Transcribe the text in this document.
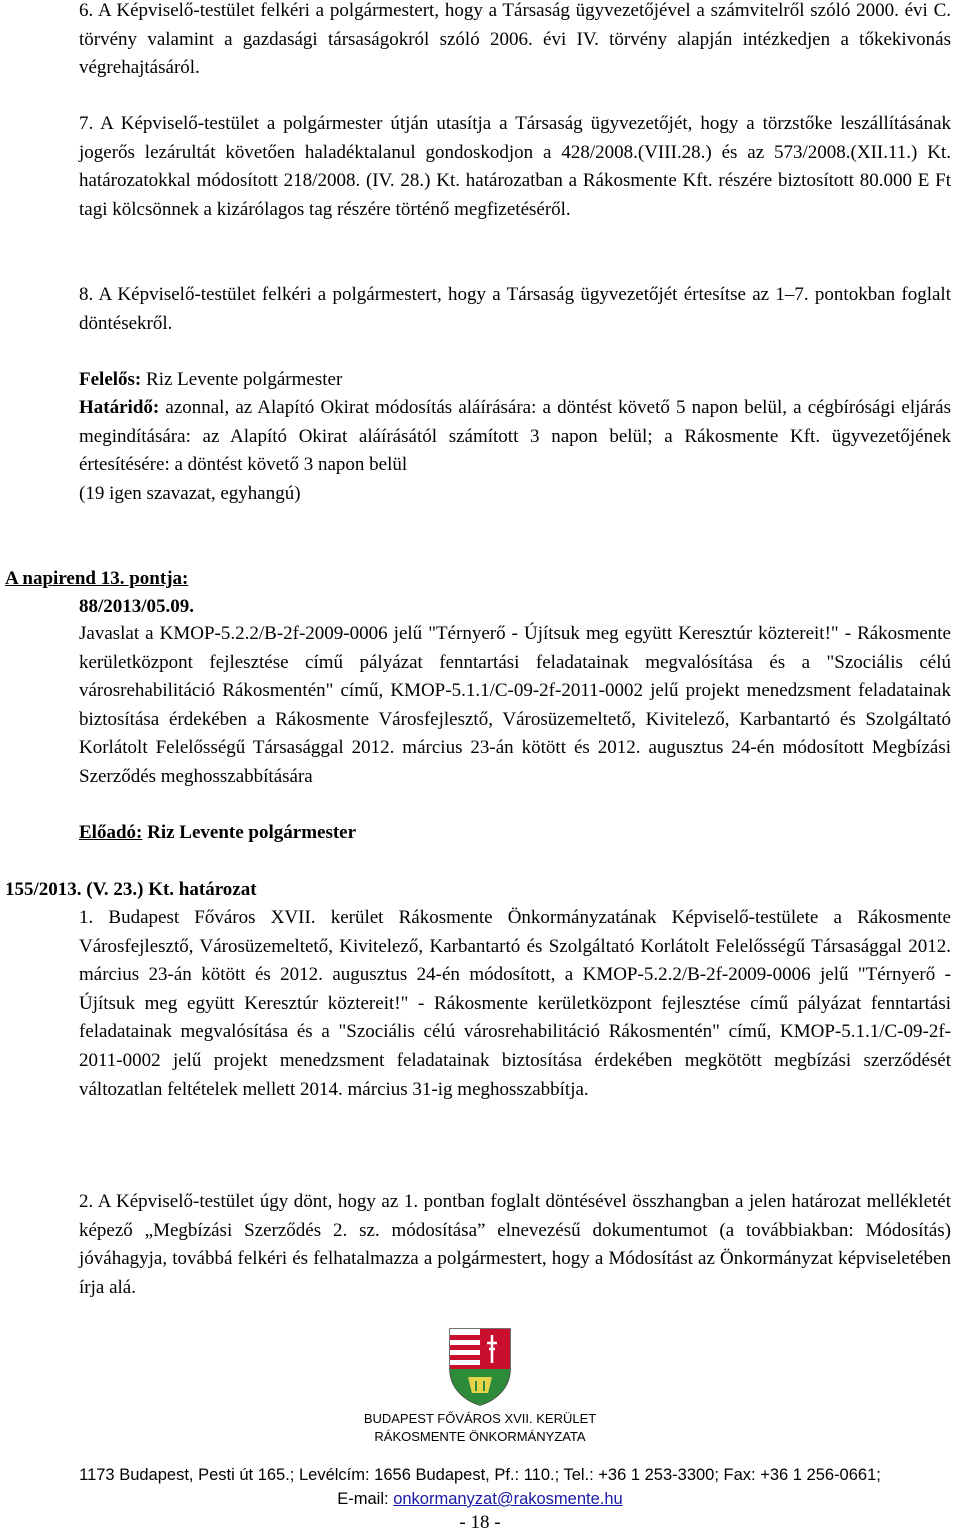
6. A Képviselő-testület felkéri a polgármestert, hogy a Társaság ügyvezetőjével a számvitelről szóló 2000. évi C. törvény valamint a gazdasági társaságokról szóló 2006. évi IV. törvény alapján intézkedjen a tőkekivonás végrehajtásáról.

7. A Képviselő-testület a polgármester útján utasítja a Társaság ügyvezetőjét, hogy a törzstőke leszállításának jogerős lezárultát követően haladéktalanul gondoskodjon a 428/2008.(VIII.28.) és az 573/2008.(XII.11.) Kt. határozatokkal módosított 218/2008. (IV. 28.) Kt. határozatban a Rákosmente Kft. részére biztosított 80.000 E Ft tagi kölcsönnek a kizárólagos tag részére történő megfizetéséről.

8. A Képviselő-testület felkéri a polgármestert, hogy a Társaság ügyvezetőjét értesítse az 1–7. pontokban foglalt döntésekről.

Felelős: Riz Levente polgármester

Határidő: azonnal, az Alapító Okirat módosítás aláírására: a döntést követő 5 napon belül, a cégbírósági eljárás megindítására: az Alapító Okirat aláírásától számított 3 napon belül; a Rákosmente Kft. ügyvezetőjének értesítésére: a döntést követő 3 napon belül

(19 igen szavazat, egyhangú)

A napirend 13. pontja:

88/2013/05.09.

Javaslat a KMOP-5.2.2/B-2f-2009-0006 jelű "Térnyerő - Újítsuk meg együtt Keresztúr köztereit!" - Rákosmente kerületközpont fejlesztése című pályázat fenntartási feladatainak megvalósítása és a "Szociális célú városrehabilitáció Rákosmentén" című, KMOP-5.1.1/C-09-2f-2011-0002 jelű projekt menedzsment feladatainak biztosítása érdekében a Rákosmente Városfejlesztő, Városüzemeltető, Kivitelező, Karbantartó és Szolgáltató Korlátolt Felelősségű Társasággal 2012. március 23-án kötött és 2012. augusztus 24-én módosított Megbízási Szerződés meghosszabbítására

Előadó: Riz Levente polgármester

155/2013. (V. 23.) Kt. határozat

1. Budapest Főváros XVII. kerület Rákosmente Önkormányzatának Képviselő-testülete a Rákosmente Városfejlesztő, Városüzemeltető, Kivitelező, Karbantartó és Szolgáltató Korlátolt Felelősségű Társasággal 2012. március 23-án kötött és 2012. augusztus 24-én módosított, a KMOP-5.2.2/B-2f-2009-0006 jelű "Térnyerő - Újítsuk meg együtt Keresztúr köztereit!" - Rákosmente kerületközpont fejlesztése című pályázat fenntartási feladatainak megvalósítása és a "Szociális célú városrehabilitáció Rákosmentén" című, KMOP-5.1.1/C-09-2f-2011-0002 jelű projekt menedzsment feladatainak biztosítása érdekében megkötött megbízási szerződését változatlan feltételek mellett 2014. március 31-ig meghosszabbítja.

2. A Képviselő-testület úgy dönt, hogy az 1. pontban foglalt döntésével összhangban a jelen határozat mellékletét képező „Megbízási Szerződés 2. sz. módosítása” elnevezésű dokumentumot (a továbbiakban: Módosítás) jóváhagyja, továbbá felkéri és felhatalmazza a polgármestert, hogy a Módosítást az Önkormányzat képviseletében írja alá.

BUDAPEST FŐVÁROS XVII. KERÜLET
RÁKOSMENTE ÖNKORMÁNYZATA
1173 Budapest, Pesti út 165.; Levélcím: 1656 Budapest, Pf.: 110.; Tel.: +36 1 253-3300; Fax: +36 1 256-0661;
E-mail: onkormanyzat@rakosmente.hu
- 18 -
